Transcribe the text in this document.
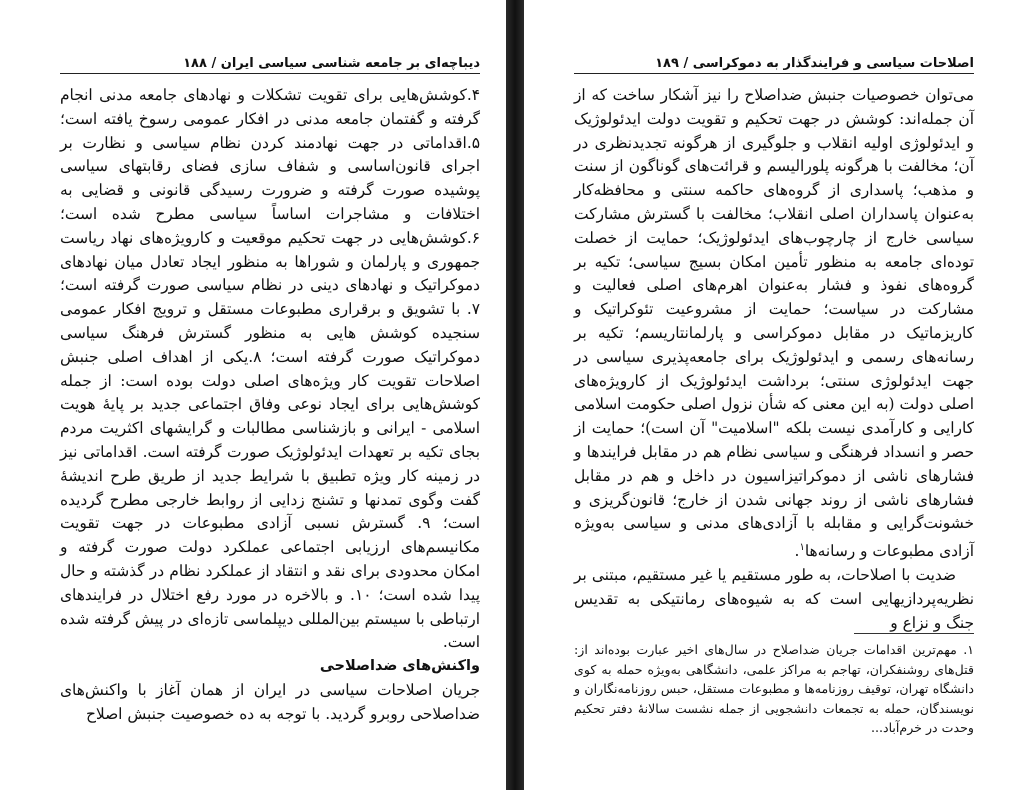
دیباچه‌ای بر جامعه شناسی سیاسی ایران / ۱۸۸

۴.کوشش‌هایی برای تقویت تشکلات و نهادهای جامعه مدنی انجام گرفته و گفتمان جامعه مدنی در افکار عمومی رسوخ یافته است؛ ۵.اقداماتی در جهت نهادمند کردن نظام سیاسی و نظارت بر اجرای قانون‌اساسی و شفاف سازی فضای رقابتهای سیاسی پوشیده صورت گرفته و ضرورت رسیدگی قانونی و قضایی به اختلافات و مشاجرات اساساً سیاسی مطرح شده است؛ ۶.کوشش‌هایی در جهت تحکیم موقعیت و کارویژه‌های نهاد ریاست جمهوری و پارلمان و شوراها به منظور ایجاد تعادل میان نهادهای دموکراتیک و نهادهای دینی در نظام سیاسی صورت گرفته است؛ ۷. با تشویق و برقراری مطبوعات مستقل و ترویج افکار عمومی سنجیده کوشش هایی به منظور گسترش فرهنگ سیاسی دموکراتیک صورت گرفته است؛ ۸.یکی از اهداف اصلی جنبش اصلاحات تقویت کار ویژه‌های اصلی دولت بوده است: از جمله کوشش‌هایی برای ایجاد نوعی وفاق اجتماعی جدید بر پایهٔ هویت اسلامی - ایرانی و بازشناسی مطالبات و گرایشهای اکثریت مردم بجای تکیه بر تعهدات ایدئولوژیک صورت گرفته است. اقداماتی نیز در زمینه کار ویژه تطبیق با شرایط جدید از طریق طرح اندیشهٔ گفت وگوی تمدنها و تشنج زدایی از روابط خارجی مطرح گردیده است؛ ۹. گسترش نسبی آزادی مطبوعات در جهت تقویت مکانیسم‌های ارزیابی اجتماعی عملکرد دولت صورت گرفته و امکان محدودی برای نقد و انتقاد از عملکرد نظام در گذشته و حال پیدا شده است؛ ۱۰. و بالاخره در مورد رفع اختلال در فرایندهای ارتباطی با سیستم بین‌المللی دیپلماسی تازه‌ای در پیش گرفته شده است.

واکنش‌های ضداصلاحی

جریان اصلاحات سیاسی در ایران از همان آغاز با واکنش‌های ضداصلاحی روبرو گردید. با توجه به ده خصوصیت جنبش اصلاح

اصلاحات سیاسی و فرایندگذار به دموکراسی / ۱۸۹

می‌توان خصوصیات جنبش ضداصلاح را نیز آشکار ساخت که از آن جمله‌اند: کوشش در جهت تحکیم و تقویت دولت ایدئولوژیک و ایدئولوژی اولیه انقلاب و جلوگیری از هرگونه تجدیدنظری در آن؛ مخالفت با هرگونه پلورالیسم و قرائت‌های گوناگون از سنت و مذهب؛ پاسداری از گروه‌های حاکمه سنتی و محافظه‌کار به‌عنوان پاسداران اصلی انقلاب؛ مخالفت با گسترش مشارکت سیاسی خارج از چارچوب‌های ایدئولوژیک؛ حمایت از خصلت توده‌ای جامعه به منظور تأمین امکان بسیج سیاسی؛ تکیه بر گروه‌های نفوذ و فشار به‌عنوان اهرم‌های اصلی فعالیت و مشارکت در سیاست؛ حمایت از مشروعیت تئوکراتیک و کاریزماتیک در مقابل دموکراسی و پارلمانتاریسم؛ تکیه بر رسانه‌های رسمی و ایدئولوژیک برای جامعه‌پذیری سیاسی در جهت ایدئولوژی سنتی؛ برداشت ایدئولوژیک از کارویژه‌های اصلی دولت (به این معنی که شأن نزول اصلی حکومت اسلامی کارایی و کارآمدی نیست بلکه "اسلامیت" آن است)؛ حمایت از حصر و انسداد فرهنگی و سیاسی نظام هم در مقابل فرایندها و فشارهای ناشی از دموکراتیزاسیون در داخل و هم در مقابل فشارهای ناشی از روند جهانی شدن از خارج؛ قانون‌گریزی و خشونت‌گرایی و مقابله با آزادی‌های مدنی و سیاسی به‌ویژه آزادی مطبوعات و رسانه‌ها$^۱$.

ضدیت با اصلاحات، به طور مستقیم یا غیر مستقیم، مبتنی بر نظریه‌پردازیهایی است که به شیوه‌های رمانتیکی به تقدیس جنگ و نزاع و

۱. مهم‌ترین اقدامات جریان ضداصلاح در سال‌های اخیر عبارت بوده‌اند از: قتل‌های روشنفکران، تهاجم به مراکز علمی، دانشگاهی به‌ویژه حمله به کوی دانشگاه تهران، توقیف روزنامه‌ها و مطبوعات مستقل، حبس روزنامه‌نگاران و نویسندگان، حمله به تجمعات دانشجویی از جمله نشست سالانهٔ دفتر تحکیم وحدت در خرم‌آباد...
